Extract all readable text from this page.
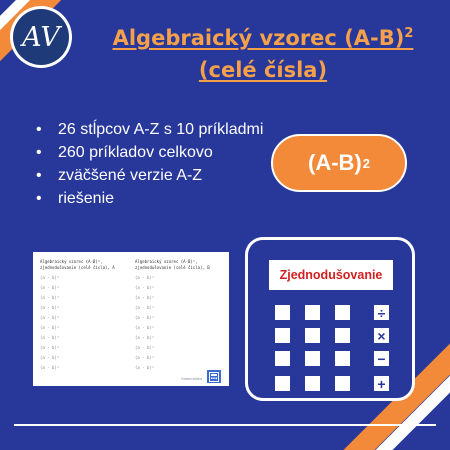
AV	Algebraický vzorec $(A-B)^2$
(celé čísla)
• 26 stĺpcov A-Z s 10 príkladmi
• 260 príkladov celkovo
• zväčšené verzie A-Z
• riešenie
(A-B) 2
Algebraický vzorec (A-B)², zjednodušovanie (celé čísla), A
(a - b)²
(a - b)²
(a - b)²
(a - b)²
(a - b)²
(a - b)²
(a - b)²
(a - b)²
(a - b)²
(a - b)²
Algebraický vzorec (A-B)², zjednodušovanie (celé čísla), B
(a - b)²
(a - b)²
(a - b)²
(a - b)²
(a - b)²
(a - b)²
(a - b)²
(a - b)²
(a - b)²
(a - b)²
Matematika
Zjednodušovanie
÷
×
−
+
